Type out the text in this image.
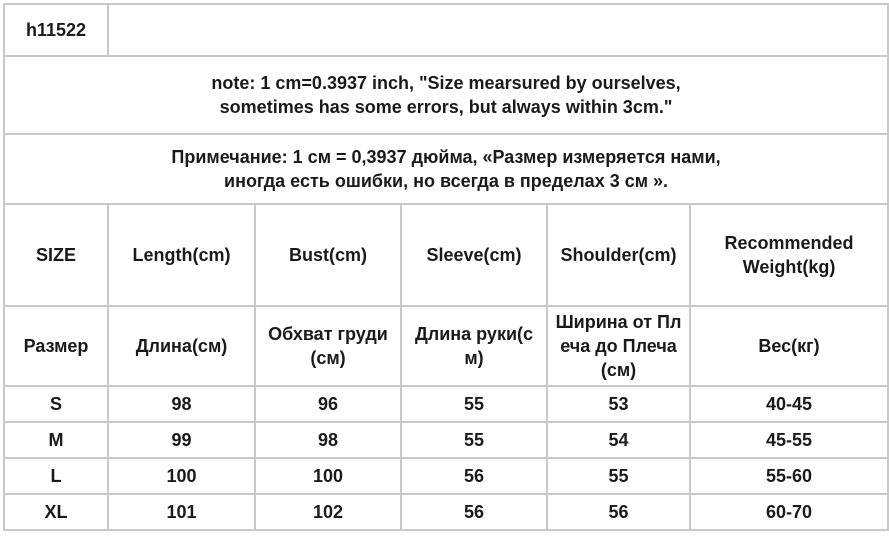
h11522					

note: 1 cm=0.3937 inch, "Size mearsured by ourselves,
sometimes has some errors, but always within 3cm."					

Примечание: 1 см = 0,3937 дюйма, «Размер измеряется нами,
иногда есть ошибки, но всегда в пределах 3 см ».					

SIZE	Length(cm)	Bust(cm)	Sleeve(cm)	Shoulder(cm)	Recommended Weight(kg)
Размер	Длина(см)	Обхват груди (см)	Длина руки(с м)	Ширина от Пл еча до Плеча (см)	Вес(кг)
S	98	96	55	53	40-45
M	99	98	55	54	45-55
L	100	100	56	55	55-60
XL	101	102	56	56	60-70
